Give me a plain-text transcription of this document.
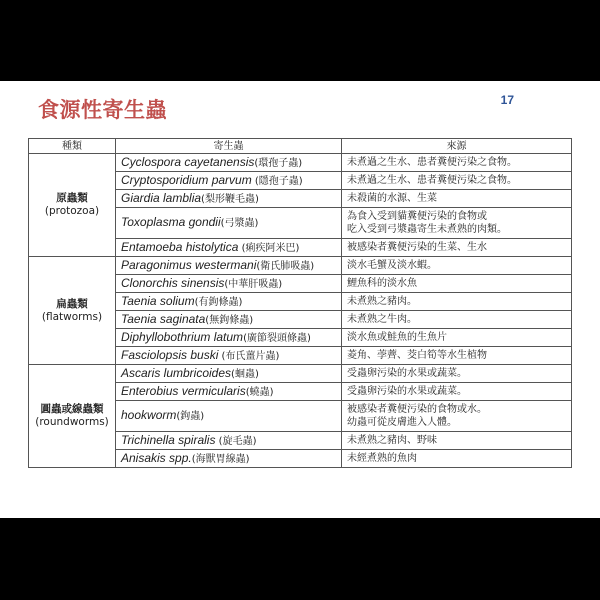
17
食源性寄生蟲
種類	寄生蟲	來源

原蟲類
(protozoa)	Cyclospora cayetanensis(環孢子蟲)	未煮過之生水、患者糞便污染之食物。

	Cryptosporidium parvum (隱孢子蟲)	未煮過之生水、患者糞便污染之食物。

	Giardia lamblia(梨形鞭毛蟲)	未殺菌的水源、生菜

	Toxoplasma gondii(弓漿蟲)	為食入受到貓糞便污染的食物或
吃入受到弓漿蟲寄生未煮熟的肉類。

	Entamoeba histolytica (痢疾阿米巴)	被感染者糞便污染的生菜、生水

扁蟲類
(flatworms)	Paragonimus westermani(衛氏肺吸蟲)	淡水毛蟹及淡水蝦。

	Clonorchis sinensis(中華肝吸蟲)	鯉魚科的淡水魚

	Taenia solium(有鉤條蟲)	未煮熟之豬肉。

	Taenia saginata(無鉤條蟲)	未煮熟之牛肉。

	Diphyllobothrium latum(廣節裂頭條蟲)	淡水魚或鮭魚的生魚片

	Fasciolopsis buski (布氏薑片蟲)	菱角、荸薺、茭白筍等水生植物

圓蟲或線蟲類
(roundworms)	Ascaris lumbricoides(蛔蟲)	受蟲卵污染的水果或蔬菜。

	Enterobius vermicularis(蟯蟲)	受蟲卵污染的水果或蔬菜。

	hookworm(鉤蟲)	被感染者糞便污染的食物或水。
幼蟲可從皮膚進入人體。

	Trichinella spiralis (旋毛蟲)	未煮熟之豬肉、野味

	Anisakis spp.(海獸胃線蟲)	未經煮熟的魚肉
